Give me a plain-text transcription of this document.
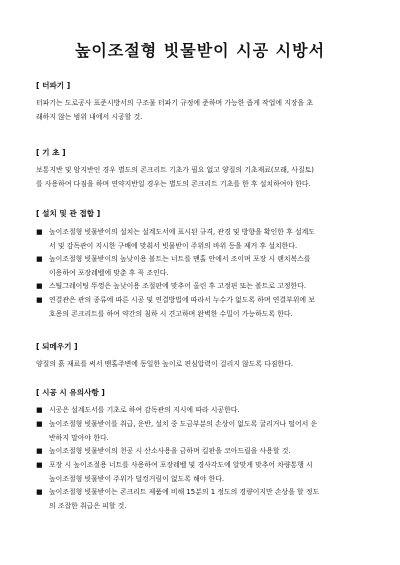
높이조절형 빗물받이 시공 시방서
[ 터파기 ]
터파기는 도로공사 표준시방서의 구조물 터파기 규정에 준하며 가능한 좁게 작업에 지장을 초
래하지 않는 범위 내에서 시공할 것.
[ 기 초 ]
보통지반 및 암지반인 경우 별도의 콘크리트 기초가 필요 없고 양질의 기초재료(모래, 사질토)
를 사용하여 다짐을 하며 연약지반일 경우는 별도의 콘크리트 기초를 한 후 설치하여야 한다.
[ 설치 및 관 접합 ]
■ 높이조절형 빗물받이의 설치는 설계도서에 표시된 규격, 관경 및 방향을 확인한 후 설계도
서 및 감독관이 지시한 구배에 맞춰서 빗물받이 주위의 바위 등을 제거 후 설치한다.
■ 높이조절형 빗물받이의 높낮이용 볼트는 너트를 맨홀 안에서 조이며 포장 시 랜치복스를
이용하여 포장레벨에 맞춘 후 꼭 조인다.
■ 스틸그레이팅 뚜껑은 높낮이용 조절판에 맞추어 올린 후 고정핀 또는 볼트로 고정한다.
■ 연결관은 관의 종류에 따른 시공 및 연결방법에 따라서 누수가 없도록 하며 연결부위에 보
호용의 콘크리트를 하여 약간의 침하 시 견고하며 완벽한 수밀이 가능하도록 한다.
[ 되메우기 ]
양질의 흙 재료를 써서 맨홀주변에 동일한 높이로 편심압력이 걸리지 않도록 다짐한다.
[ 시공 시 유의사항 ]
■ 시공은 설계도서를 기초로 하여 감독관의 지시에 따라 시공한다.
■ 높이조절형 빗물받이를 취급, 운반, 설치 중 도금부분의 손상이 없도록 굴리거나 떨어서 운
반하지 말아야 한다.
■ 높이조절형 빗물받이의 천공 시 산소사용을 금하며 킬판을 코아드릴을 사용할 것.
■ 포장 시 높이조절용 너트를 사용하여 포장레벨 및 경사각도에 알맞게 맞추어 차량통행 시
높이조절형 빗물받이 주위가 덜컹거림이 없도록 해야 한다.
■ 높이조절형 빗물받이는 콘크리트 제품에 비해 15분의 1 정도의 경량이지만 손상을 할 정도
의 조잡한 취급은 피할 것.
